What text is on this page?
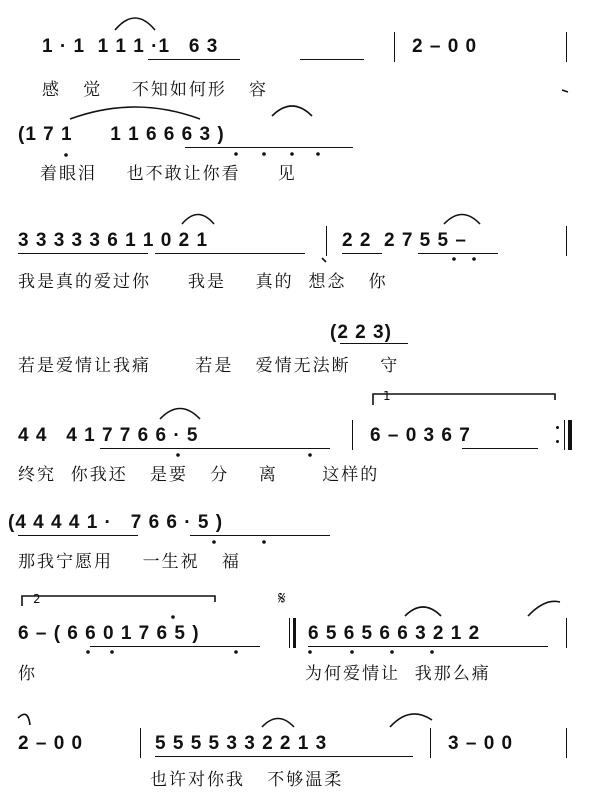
1 · 1  1 1 1 ·1   6 3	2 – 0 0
感   觉    不知如何形   容
(1 7 1      1 1 6 6 6 3 )
着眼泪    也不敢让你看     见
3 3 3 3 3 6 1 1 0 2 1	2 2  2 7 5 5 –
我是真的爱过你     我是    真的  想念   你
(2 2 3)
若是爱情让我痛      若是   爱情无法断    守
1
4 4   4 1 7 7 6 6 · 5	6 – 0 3 6 7
终究  你我还   是要   分    离      这样的
(4 4 4 4 1 ·   7 6 6 · 5 )
那我宁愿用    一生祝   福
2	𝄋
6 – ( 6 6 0 1 7 6 5 )	6 5 6 5 6 6 3 2 1 2
你	为何爱情让  我那么痛
2 – 0 0	5 5 5 5 3 3 2 2 1 3	3 – 0 0
也许对你我   不够温柔
